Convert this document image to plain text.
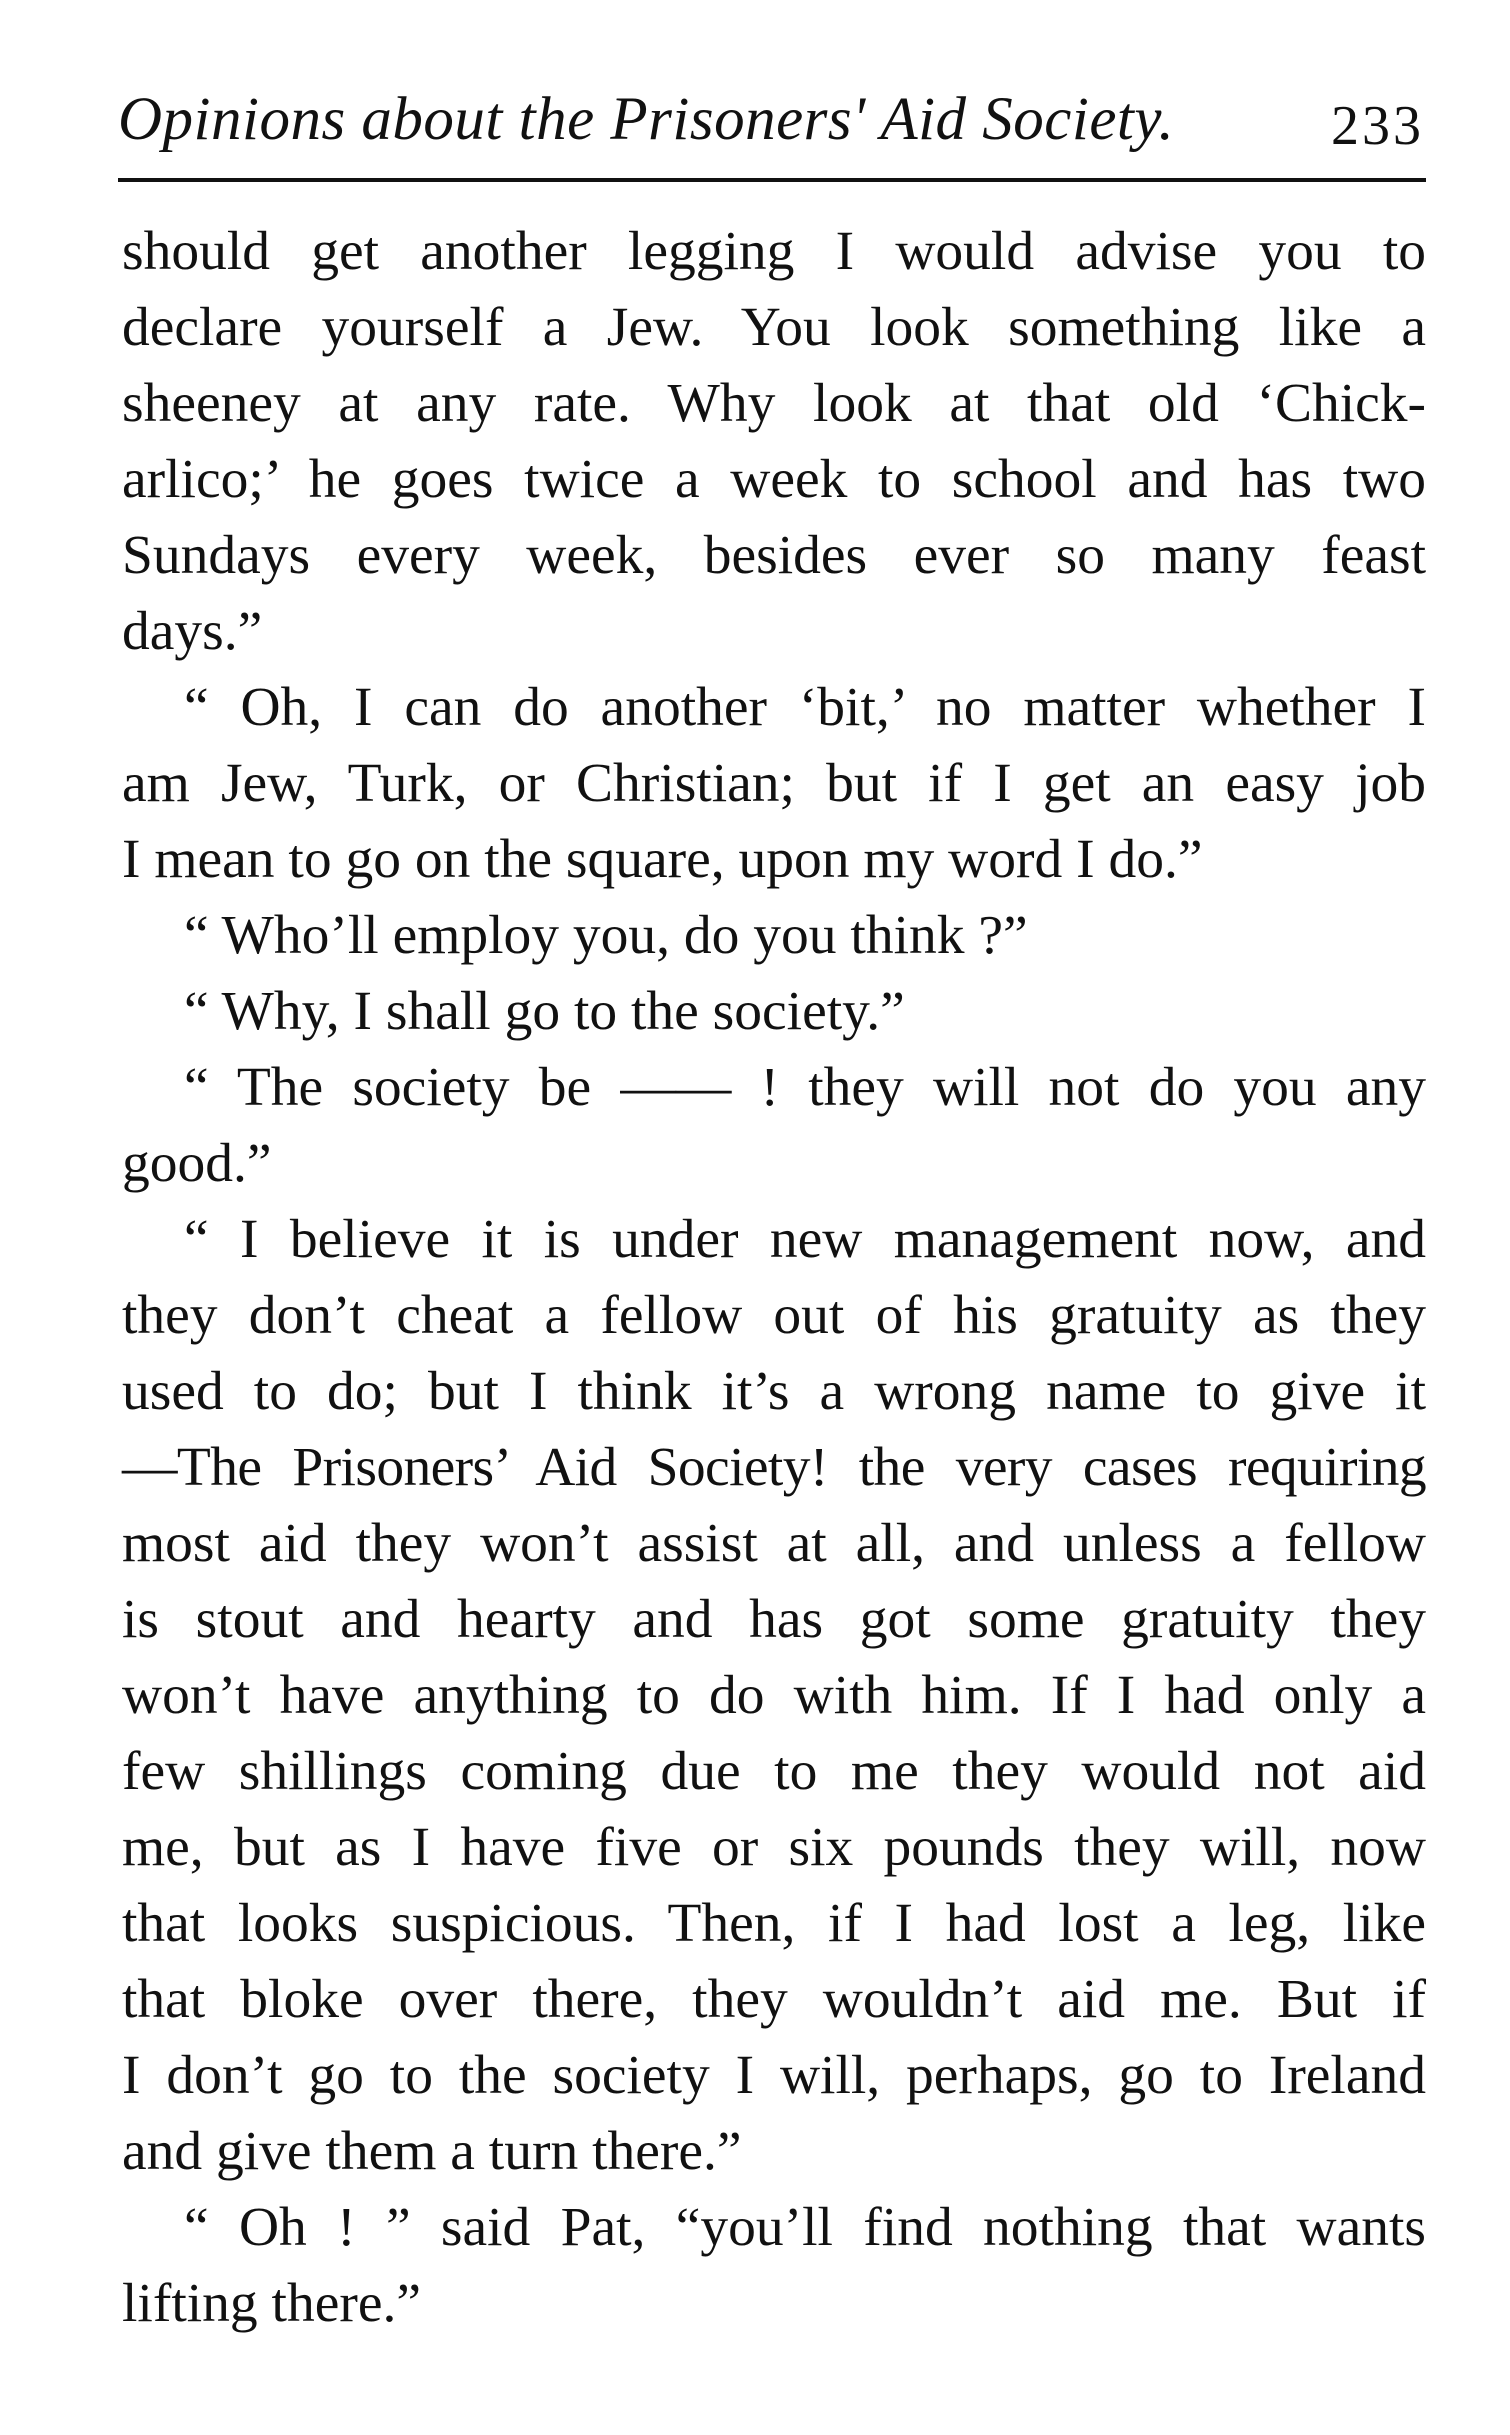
Opinions about the Prisoners' Aid Society.	233
should get another legging I would advise you to
declare yourself a Jew. You look something like a
sheeney at any rate. Why look at that old ‘Chick-
arlico;’ he goes twice a week to school and has two
Sundays every week, besides ever so many feast
days.”
“ Oh, I can do another ‘bit,’ no matter whether I
am Jew, Turk, or Christian; but if I get an easy job
I mean to go on the square, upon my word I do.”
“ Who’ll employ you, do you think ?”
“ Why, I shall go to the society.”
“ The society be —— ! they will not do you any
good.”
“ I believe it is under new management now, and
they don’t cheat a fellow out of his gratuity as they
used to do; but I think it’s a wrong name to give it
—The Prisoners’ Aid Society! the very cases requiring
most aid they won’t assist at all, and unless a fellow
is stout and hearty and has got some gratuity they
won’t have anything to do with him. If I had only a
few shillings coming due to me they would not aid
me, but as I have five or six pounds they will, now
that looks suspicious. Then, if I had lost a leg, like
that bloke over there, they wouldn’t aid me. But if
I don’t go to the society I will, perhaps, go to Ireland
and give them a turn there.”
“ Oh ! ” said Pat, “you’ll find nothing that wants
lifting there.”
